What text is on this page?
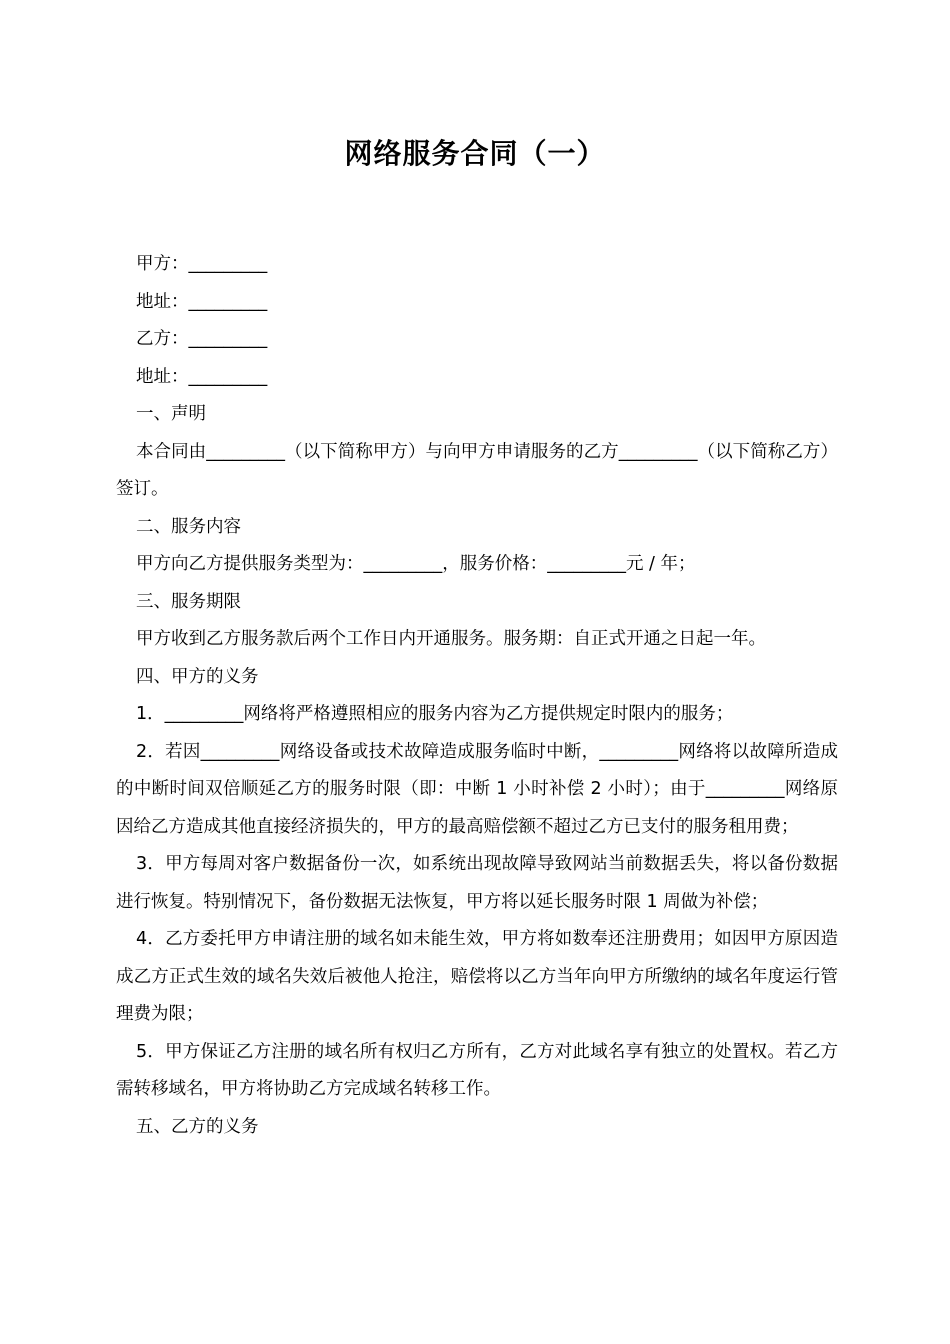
网络服务合同（一）

甲方：_________

地址：_________

乙方：_________

地址：_________

一、声明

本合同由_________（以下简称甲方）与向甲方申请服务的乙方_________（以下简称乙方）签订。

二、服务内容

甲方向乙方提供服务类型为：_________，服务价格：_________元 / 年；

三、服务期限

甲方收到乙方服务款后两个工作日内开通服务。服务期：自正式开通之日起一年。

四、甲方的义务

1．_________网络将严格遵照相应的服务内容为乙方提供规定时限内的服务；

2．若因_________网络设备或技术故障造成服务临时中断，_________网络将以故障所造成的中断时间双倍顺延乙方的服务时限（即：中断 1 小时补偿 2 小时）；由于_________网络原因给乙方造成其他直接经济损失的，甲方的最高赔偿额不超过乙方已支付的服务租用费；

3．甲方每周对客户数据备份一次，如系统出现故障导致网站当前数据丢失，将以备份数据进行恢复。特别情况下，备份数据无法恢复，甲方将以延长服务时限 1 周做为补偿；

4．乙方委托甲方申请注册的域名如未能生效，甲方将如数奉还注册费用；如因甲方原因造成乙方正式生效的域名失效后被他人抢注，赔偿将以乙方当年向甲方所缴纳的域名年度运行管理费为限；

5．甲方保证乙方注册的域名所有权归乙方所有，乙方对此域名享有独立的处置权。若乙方需转移域名，甲方将协助乙方完成域名转移工作。

五、乙方的义务
